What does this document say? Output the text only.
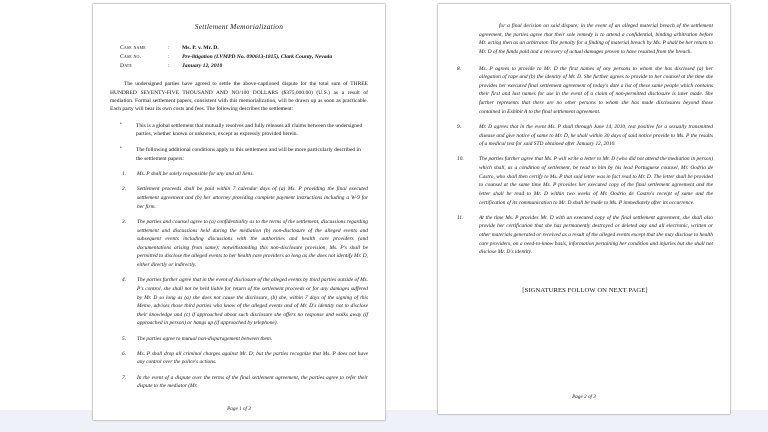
Settlement Memorialization
Case name	:	Ms. P. v. Mr. D.
Case no.	:	Pre-litigation (LVMPD No. 090613-1815), Clark County, Nevada
Date	:	January 12, 2010

The undersigned parties have agreed to settle the above-captioned dispute for the total sum of THREE HUNDRED SEVENTY-FIVE THOUSAND AND NO/100 DOLLARS ($375,000.00) (U.S.) as a result of mediation. Formal settlement papers, consistent with this memorialization, will be drawn up as soon as practicable. Each party will bear its own costs and fees. The following describes the settlement:

• This is a global settlement that mutually resolves and fully releases all claims between the undersigned parties, whether known or unknown, except as expressly provided herein.
• The following additional conditions apply to this settlement and will be more particularly described in the settlement papers:
1. Ms. P shall be solely responsible for any and all liens.
2. Settlement proceeds shall be paid within 7 calendar days of (a) Ms. P providing the final executed settlement agreement and (b) her attorney providing complete payment instructions including a W-9 for her firm.
3. The parties and counsel agree to (a) confidentiality as to the terms of the settlement, discussions regarding settlement and discussions held during the mediation (b) non-disclosure of the alleged events and subsequent events including discussions with the authorities and health care providers (and documentations arising from same); notwithstanding this non-disclosure provision, Ms. P's shall be permitted to disclose the alleged events to her health care providers so long as she does not identify Mr. D, either directly or indirectly.
4. The parties further agree that in the event of disclosure of the alleged events by third parties outside of Ms. P's control, she shall not be held liable for return of the settlement proceeds or for any damages suffered by Mr. D so long as (a) she does not cause the disclosure, (b) she, within 7 days of the signing of this Memo, advises those third parties who know of the alleged events and of Mr. D's identity not to disclose their knowledge and (c) if approached about such disclosure she offers no response and walks away (if approached in person) or hangs up (if approached by telephone).
5. The parties agree to mutual non-disparagement between them.
6. Ms. P shall drop all criminal charges against Mr. D; but the parties recognize that Ms. P does not have any control over the police's actions.
7. In the event of a dispute over the terms of the final settlement agreement, the parties agree to refer their dispute to the mediator (Mr.
Page 1 of 3

for a final decision on said dispute; in the event of an alleged material breach of the settlement agreement, the parties agree that their sole remedy is to attend a confidential, binding arbitration before Mr. acting then as an arbitrator. The penalty for a finding of material breach by Ms. P shall be her return to Mr. D of the funds paid and a recovery of actual damages proven to have resulted from the breach.

8.	Ms. P agrees to provide to Mr. D the first names of any persons to whom she has disclosed (a) her allegation of rape and (b) the identity of Mr. D. She further agrees to provide to her counsel at the time she provides her executed final settlement agreement of today's date a list of these same people which contains their first and last names for use in the event of a claim of non-permitted disclosure is later made. She further represents that there are no other persons to whom she has made disclosures beyond those contained in Exhibit A to the final settlement agreement.
9.	Mr. D agrees that in the event Ms. P shall through June 14, 2010, test positive for a sexually transmitted disease and give notice of same to Mr. D, he shall within 30 days of said notice provide to Ms. P the results of a medical test for said STD obtained after January 12, 2010.
10.	The parties further agree that Ms. P will write a letter to Mr. D (who did not attend the mediation in person) which shall, as a condition of settlement, be read to him by his lead Portuguese counsel, Mr. Oodrio de Castro, who shall then certify to Ms. P that said letter was in fact read to Mr. D. The letter shall be provided to counsel at the same time Ms. P provides her executed copy of the final settlement agreement and the letter shall be read to Mr. D within two weeks of Mr. Oodrio de Castro's receipt of same and the certification of its communication to Mr. D shall be made to Ms. P immediately after its occurrence.
11.	At the time Ms. P provides Mr. D with an executed copy of the final settlement agreement, she shall also provide her certification that she has permanently destroyed or deleted any and all electronic, written or other materials generated or received as a result of the alleged events except that she may disclose to health care providers, on a need-to-know basis, information pertaining her condition and injuries but she shall not disclose Mr. D's identity.
[SIGNATURES FOLLOW ON NEXT PAGE]
Page 2 of 3
